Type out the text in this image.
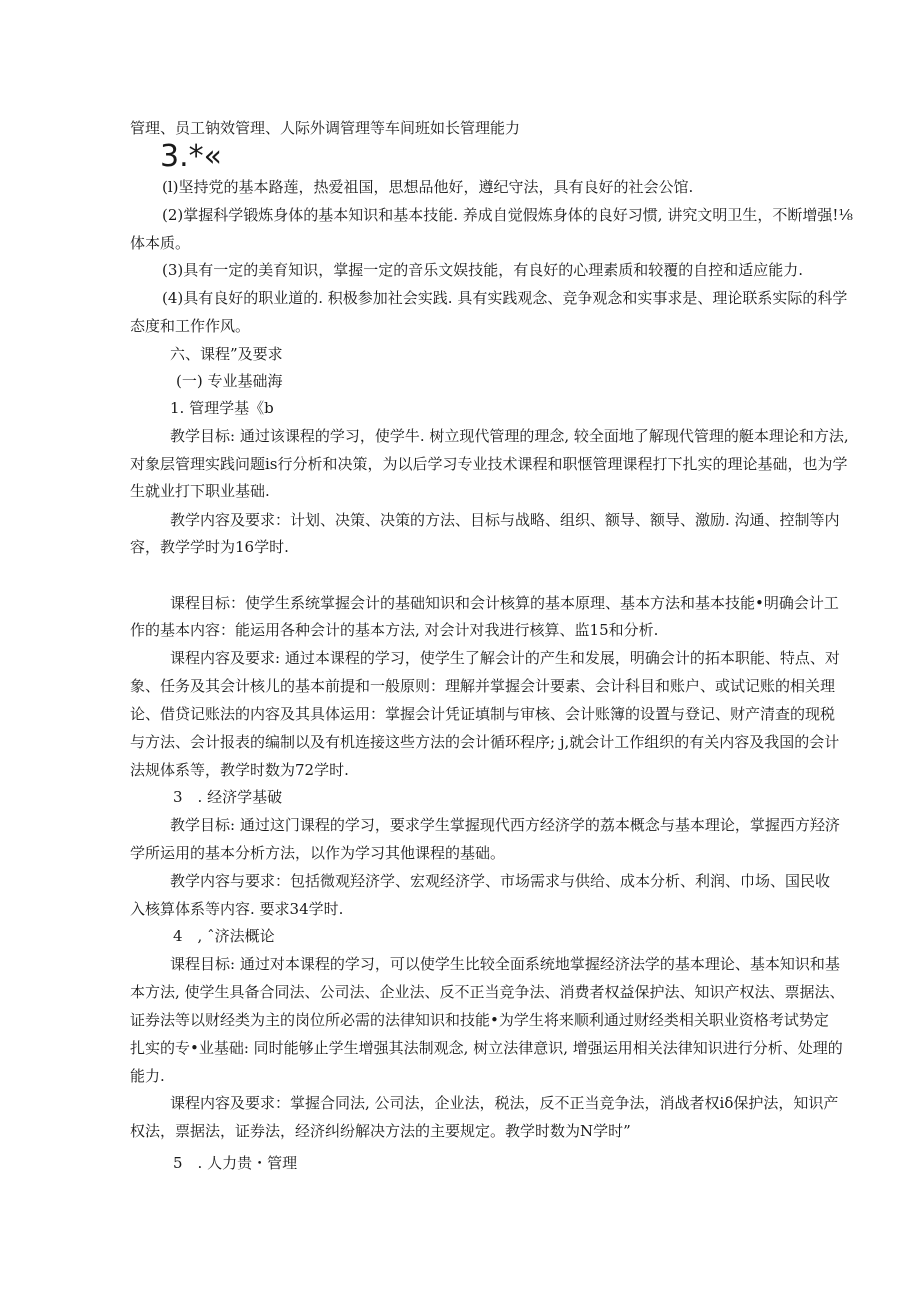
管理、员工钠效管理、人际外调管理等车间班如长管理能力
3.*«
(l)坚持党的基本路莲，热爱祖国，思想品他好，遵纪守法，具有良好的社会公馆.
(2)掌握科学锻炼身体的基本知识和基本技能. 养成自觉假炼身体的良好习惯, 讲究文明卫生，不断增强!⅛
体本质。
(3)具有一定的美育知识，掌握一定的音乐文娱技能，有良好的心理素质和较覆的自控和适应能力.
(4)具有良好的职业道的. 积极参加社会实践. 具有实践观念、竞争观念和实事求是、理论联系实际的科学
态度和工作作风。
六、课程”及要求
(一) 专业基础海
1. 管理学基《b
教学目标: 通过该课程的学习，使学牛. 树立现代管理的理念, 较全面地了解现代管理的艇本理论和方法,
对象层管理实践问题is行分析和决策，为以后学习专业技术课程和职惬管理课程打下扎实的理论基础，也为学
生就业打下职业基础.
教学内容及要求：计划、决策、决策的方法、目标与战略、组织、额导、额导、激励. 沟通、控制等内
容，教学学时为16学时.
课程目标：使学生系统掌握会计的基础知识和会计核算的基本原理、基本方法和基本技能•明确会计工
作的基本内容：能运用各种会计的基本方法, 对会计对我进行核算、监15和分析.
课程内容及要求: 通过本课程的学习，使学生了解会计的产生和发展，明确会计的拓本职能、特点、对
象、任务及其会计核儿的基本前提和一般原则：理解并掌握会计要素、会计科目和账户、或试记账的相关理
论、借贷记账法的内容及其具体运用：掌握会计凭证填制与审核、会计账簿的设置与登记、财产清查的现税
与方法、会计报表的编制以及有机连接这些方法的会计循环程序; j,就会计工作组织的有关内容及我国的会计
法规体系等，教学时数为72学时.
3　. 经济学基破
教学目标: 通过这门课程的学习，要求学生掌握现代西方经济学的荔本概念与基本理论，掌握西方羟济
学所运用的基本分析方法，以作为学习其他课程的基础。
教学内容与要求：包括微观羟济学、宏观经济学、市场需求与供给、成本分析、利润、巾场、国民收
入核算体系等内容. 要求34学时.
4　, ˆ济法概论
课程目标: 通过对本课程的学习，可以使学生比较全面系统地掌握经济法学的基本理论、基本知识和基
本方法, 使学生具备合同法、公司法、企业法、反不正当竞争法、消费者权益保护法、知识产权法、票据法、
证券法等以财经类为主的岗位所必需的法律知识和技能•为学生将来顺利通过财经类相关职业资格考试势定
扎实的专•业基础: 同时能够止学生增强其法制观念, 树立法律意识, 增强运用相关法律知识进行分析、处理的
能力.
课程内容及要求：掌握合同法, 公司法，企业法，税法，反不正当竞争法，消战者权iδ保护法，知识产
权法，票据法，证券法，经济纠纷解决方法的主要规定。教学时数为N学时”
5　. 人力贵・管理
